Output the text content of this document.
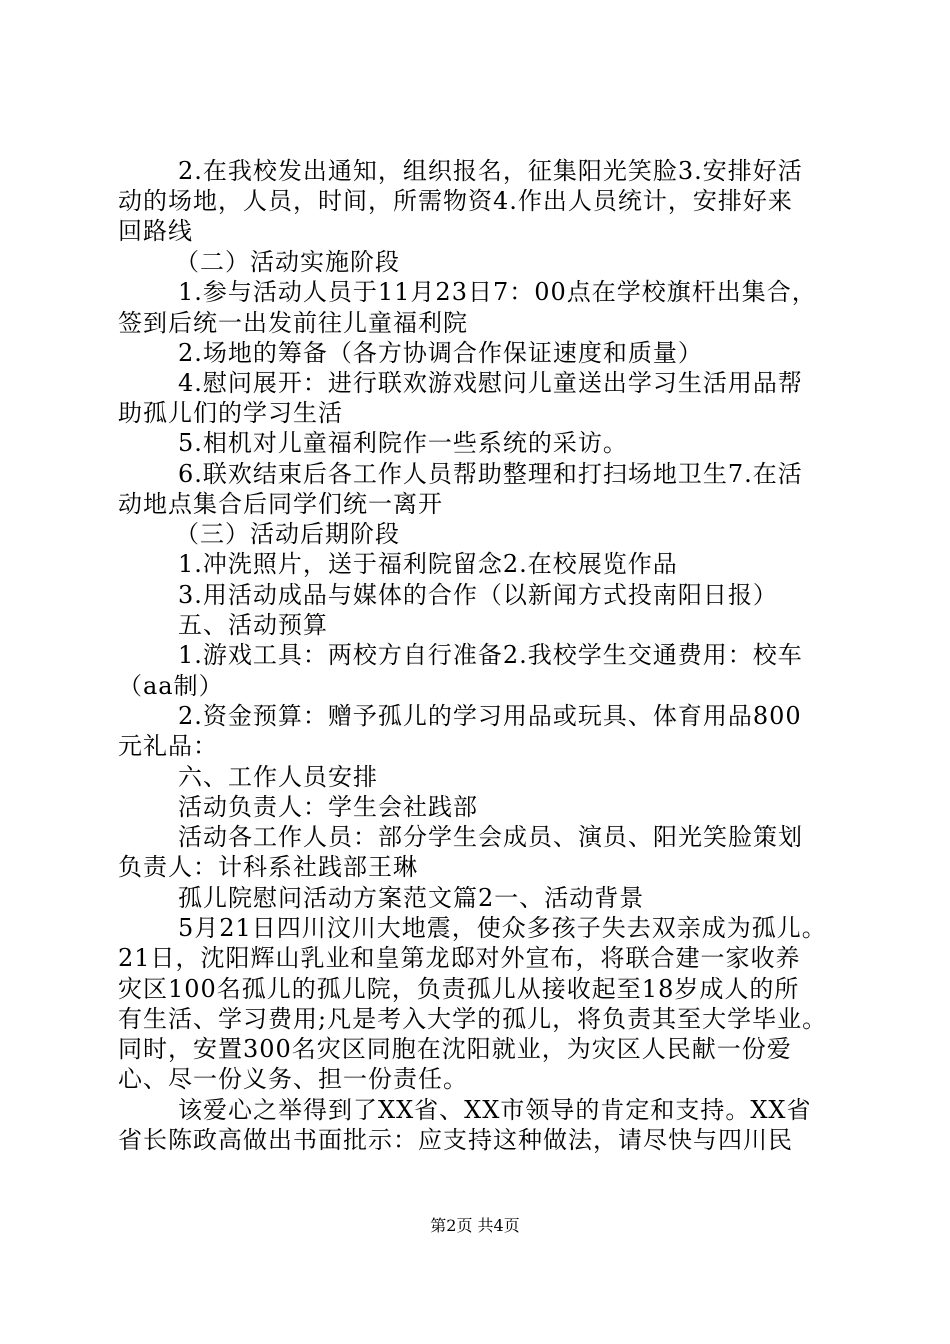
2.在我校发出通知，组织报名，征集阳光笑脸3.安排好活
动的场地，人员，时间，所需物资4.作出人员统计，安排好来
回路线
（二）活动实施阶段
1.参与活动人员于11月23日7：00点在学校旗杆出集合，
签到后统一出发前往儿童福利院
2.场地的筹备（各方协调合作保证速度和质量）
4.慰问展开：进行联欢游戏慰问儿童送出学习生活用品帮
助孤儿们的学习生活
5.相机对儿童福利院作一些系统的采访。
6.联欢结束后各工作人员帮助整理和打扫场地卫生7.在活
动地点集合后同学们统一离开
（三）活动后期阶段
1.冲洗照片，送于福利院留念2.在校展览作品
3.用活动成品与媒体的合作（以新闻方式投南阳日报）
五、活动预算
1.游戏工具：两校方自行准备2.我校学生交通费用：校车
（aa制）
2.资金预算：赠予孤儿的学习用品或玩具、体育用品800
元礼品：
六、工作人员安排
活动负责人：学生会社践部
活动各工作人员：部分学生会成员、演员、阳光笑脸策划
负责人：计科系社践部王琳
孤儿院慰问活动方案范文篇2一、活动背景
5月21日四川汶川大地震，使众多孩子失去双亲成为孤儿。
21日，沈阳辉山乳业和皇第龙邸对外宣布，将联合建一家收养
灾区100名孤儿的孤儿院，负责孤儿从接收起至18岁成人的所
有生活、学习费用;凡是考入大学的孤儿，将负责其至大学毕业。
同时，安置300名灾区同胞在沈阳就业，为灾区人民献一份爱
心、尽一份义务、担一份责任。
该爱心之举得到了XX省、XX市领导的肯定和支持。XX省
省长陈政高做出书面批示：应支持这种做法，请尽快与四川民
第2页 共4页
